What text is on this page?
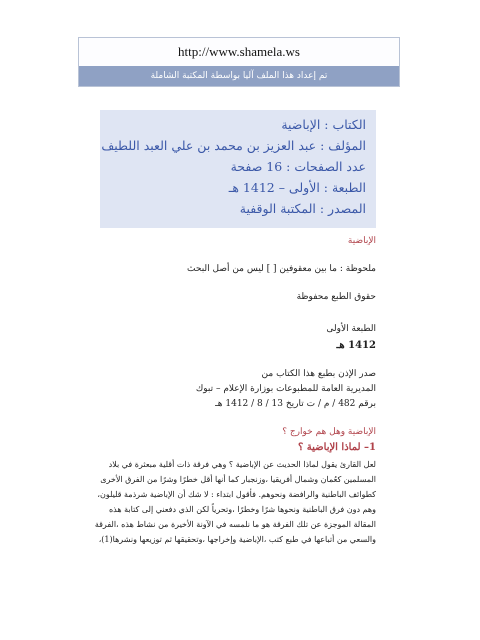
http://www.shamela.ws
تم إعداد هذا الملف آليا بواسطة المكتبة الشاملة
الكتاب : الإباضية
المؤلف : عبد العزيز بن محمد بن علي العبد اللطيف
عدد الصفحات : 16 صفحة
الطبعة : الأولى – 1412 هـ
المصدر : المكتبة الوقفية
الإباضية
ملحوظة : ما بين معقوفين [ ] ليس من أصل البحث
حقوق الطبع محفوظة
الطبعة الأولى
1412 هـ
صدر الإذن بطبع هذا الكتاب من
المديرية العامة للمطبوعات بوزارة الإعلام – تبوك
برقم 482 / م / ت تاريخ 13 / 8 / 1412 هـ
الإباضية وهل هم خوارج ؟
1– لماذا الإباضية ؟
لعل القارئ يقول لماذا الحديث عن الإباضية ؟ وهي فرقة ذات أقلية مبعثرة في بلاد
المسلمين كعُمان وشمال أفريقيا ،وزنجبار كما أنها أقل خطرًا وشرًا من الفرق الأخرى
كطوائف الباطنية والرافضة ونحوهم. فأقول ابتداء : لا شك أن الإباضية شرذمة قليلون،
وهم دون فرق الباطنية ونحوها شرًا وخطرًا ،وتحرياً لكن الذي دفعني إلى كتابة هذه
المقالة الموجزة عن تلك الفرقة هو ما نلمسه في الآونة الأخيرة من نشاط هذه ،الفرقة
والسعي من أتباعها في طبع كتب ،الإباضية وإخراجها ،وتحقيقها ثم توزيعها ونشرها(1)،
